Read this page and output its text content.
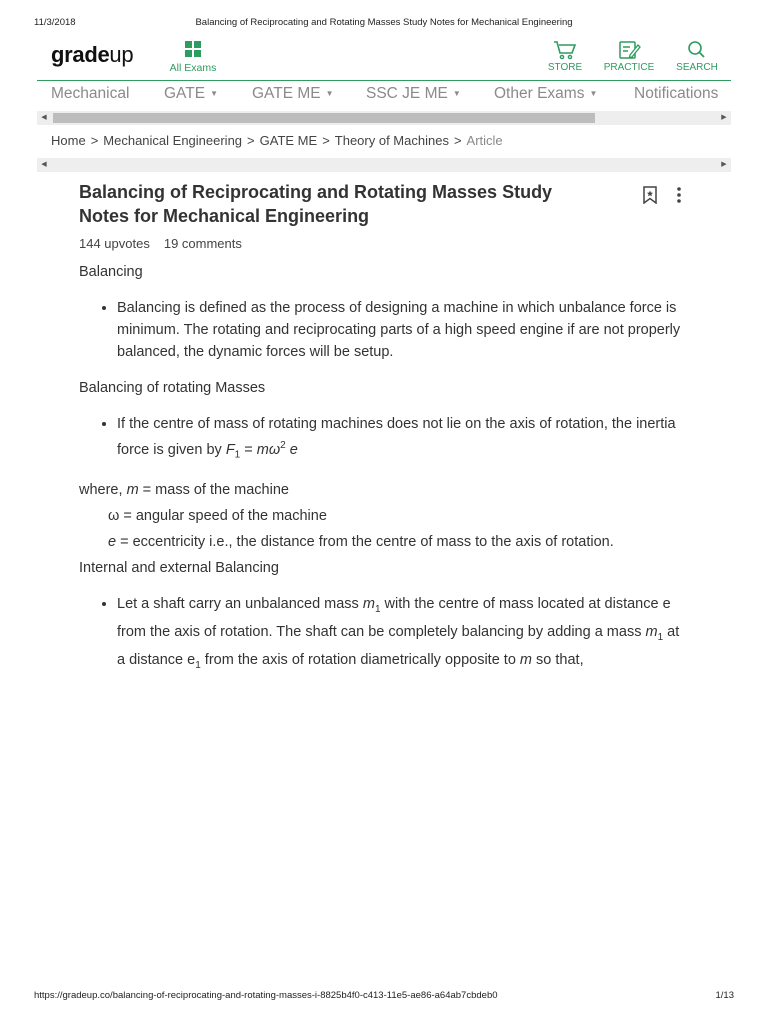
11/3/2018	Balancing of Reciprocating and Rotating Masses Study Notes for Mechanical Engineering
gradeup
All Exams	STORE	PRACTICE	SEARCH
Mechanical GATE ▼ GATE ME ▼ SSC JE ME ▼ Other Exams ▼ Notifications
◀	▶
Home > Mechanical Engineering > GATE ME > Theory of Machines > Article
◀	▶
Balancing of Reciprocating and Rotating Masses Study Notes for Mechanical Engineering
144 upvotes 19 comments
Balancing
• Balancing is defined as the process of designing a machine in which unbalance force is minimum. The rotating and reciprocating parts of a high speed engine if are not properly balanced, the dynamic forces will be setup.
Balancing of rotating Masses
• If the centre of mass of rotating machines does not lie on the axis of rotation, the inertia force is given by $F_1 = m\omega^2$ e
where, m = mass of the machine
ω = angular speed of the machine
e = eccentricity i.e., the distance from the centre of mass to the axis of rotation.
Internal and external Balancing
• Let a shaft carry an unbalanced mass $m_1$ with the centre of mass located at distance e from the axis of rotation. The shaft can be completely balancing by adding a mass $m_1$ at a distance $e_1$ from the axis of rotation diametrically opposite to m so that,
https://gradeup.co/balancing-of-reciprocating-and-rotating-masses-i-8825b4f0-c413-11e5-ae86-a64ab7cbdeb0	1/13
